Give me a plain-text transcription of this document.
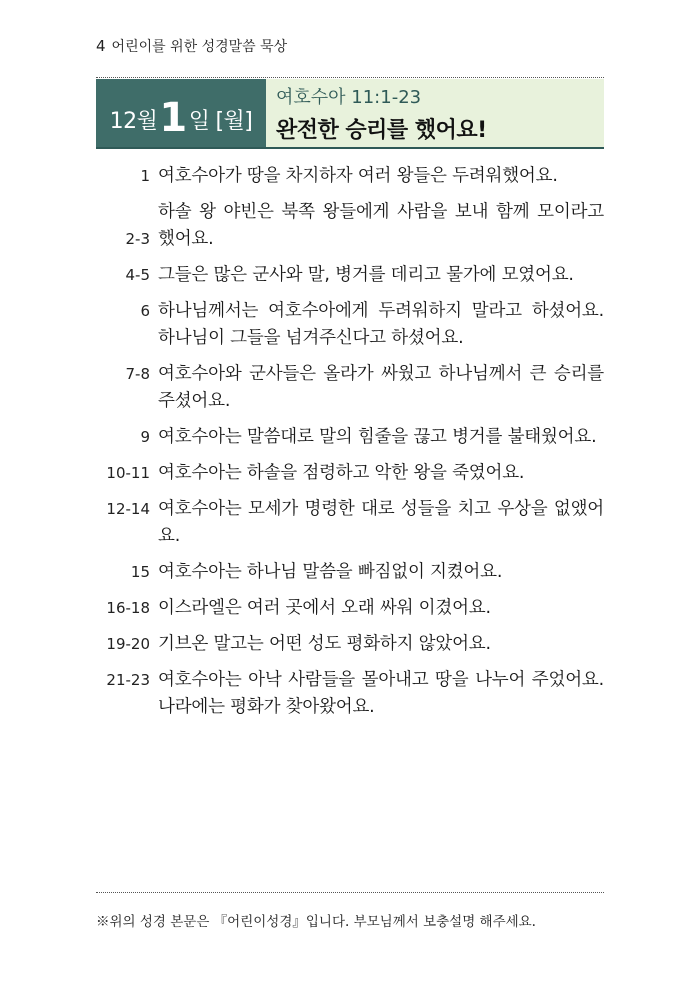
4 어린이를 위한 성경말씀 묵상
12월 1 일 [월]
여호수아 11:1-23
완전한 승리를 했어요!
1 여호수아가 땅을 차지하자 여러 왕들은 두려워했어요.
2-3
하솔 왕 야빈은 북쪽 왕들에게 사람을 보내 함께 모이라고 했어요.
4-5 그들은 많은 군사와 말, 병거를 데리고 물가에 모였어요.
6 하나님께서는 여호수아에게 두려워하지 말라고 하셨어요. 하나님이 그들을 넘겨주신다고 하셨어요.
7-8 여호수아와 군사들은 올라가 싸웠고 하나님께서 큰 승리를 주셨어요.
9 여호수아는 말씀대로 말의 힘줄을 끊고 병거를 불태웠어요.
10-11 여호수아는 하솔을 점령하고 악한 왕을 죽였어요.
12-14 여호수아는 모세가 명령한 대로 성들을 치고 우상을 없앴어요.
15 여호수아는 하나님 말씀을 빠짐없이 지켰어요.
16-18 이스라엘은 여러 곳에서 오래 싸워 이겼어요.
19-20 기브온 말고는 어떤 성도 평화하지 않았어요.
21-23 여호수아는 아낙 사람들을 몰아내고 땅을 나누어 주었어요. 나라에는 평화가 찾아왔어요.
※위의 성경 본문은 『어린이성경』입니다. 부모님께서 보충설명 해주세요.
